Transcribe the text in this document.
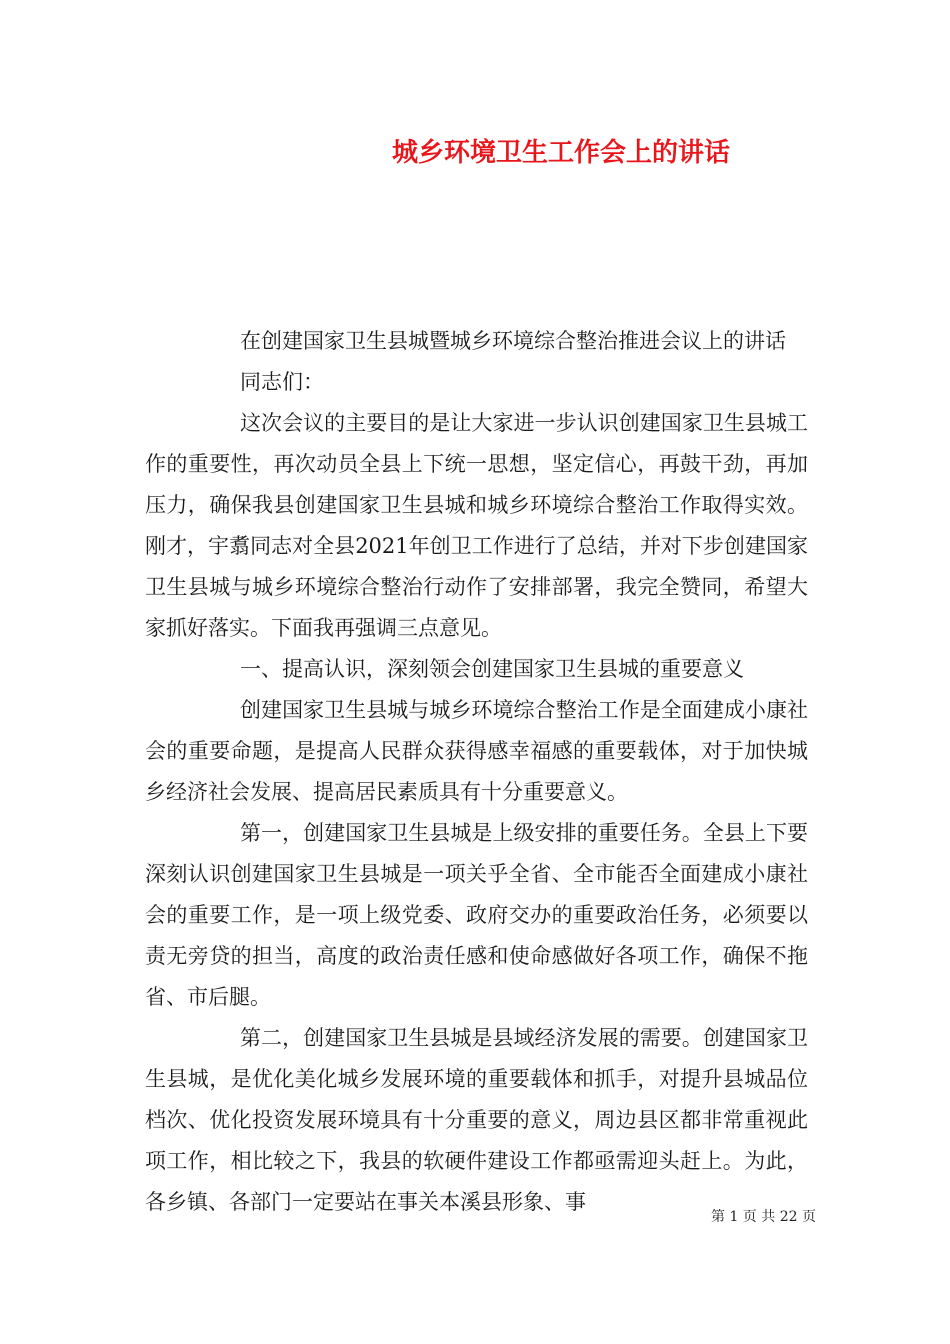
城乡环境卫生工作会上的讲话

在创建国家卫生县城暨城乡环境综合整治推进会议上的讲话

同志们：

这次会议的主要目的是让大家进一步认识创建国家卫生县城工作的重要性，再次动员全县上下统一思想，坚定信心，再鼓干劲，再加压力，确保我县创建国家卫生县城和城乡环境综合整治工作取得实效。刚才，宇翥同志对全县2021年创卫工作进行了总结，并对下步创建国家卫生县城与城乡环境综合整治行动作了安排部署，我完全赞同，希望大家抓好落实。下面我再强调三点意见。

一、提高认识，深刻领会创建国家卫生县城的重要意义

创建国家卫生县城与城乡环境综合整治工作是全面建成小康社会的重要命题，是提高人民群众获得感幸福感的重要载体，对于加快城乡经济社会发展、提高居民素质具有十分重要意义。

第一，创建国家卫生县城是上级安排的重要任务。全县上下要深刻认识创建国家卫生县城是一项关乎全省、全市能否全面建成小康社会的重要工作，是一项上级党委、政府交办的重要政治任务，必须要以责无旁贷的担当，高度的政治责任感和使命感做好各项工作，确保不拖省、市后腿。

第二，创建国家卫生县城是县域经济发展的需要。创建国家卫生县城，是优化美化城乡发展环境的重要载体和抓手，对提升县城品位档次、优化投资发展环境具有十分重要的意义，周边县区都非常重视此项工作，相比较之下，我县的软硬件建设工作都亟需迎头赶上。为此，各乡镇、各部门一定要站在事关本溪县形象、事

第 1 页 共 22 页
